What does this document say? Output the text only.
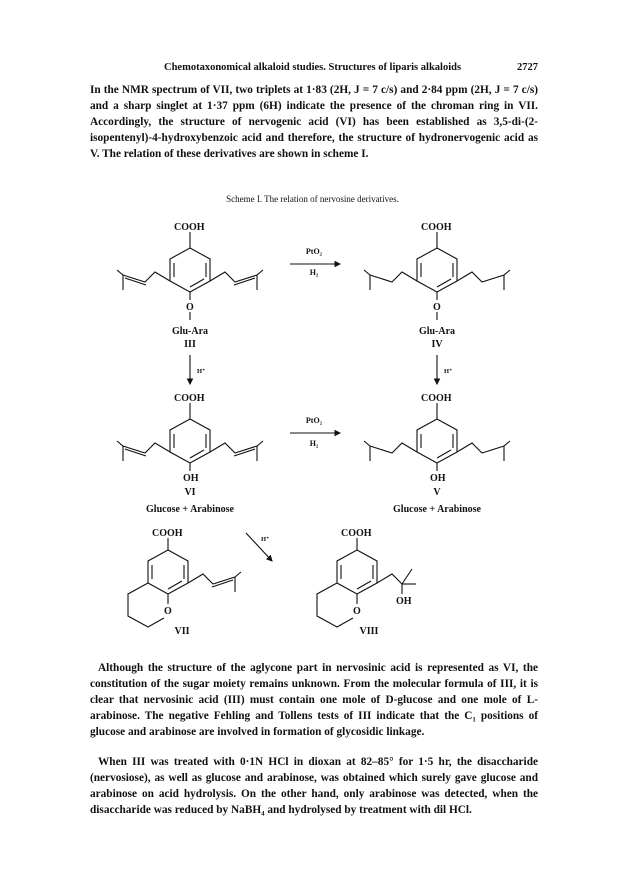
Chemotaxonomical alkaloid studies. Structures of liparis alkaloids	2727

In the NMR spectrum of VII, two triplets at 1·83 (2H, J = 7 c/s) and 2·84 ppm (2H, J = 7 c/s) and a sharp singlet at 1·37 ppm (6H) indicate the presence of the chroman ring in VII. Accordingly, the structure of nervogenic acid (VI) has been established as 3,5-di-(2-isopentenyl)-4-hydroxybenzoic acid and therefore, the structure of hydronervogenic acid as V. The relation of these derivatives are shown in scheme I.

Scheme I. The relation of nervosine derivatives.

COOH
O
Glu-Ara
III
COOH
O
Glu-Ara
IV
PtO₂
H₂
H⁺	H⁺
COOH
OH
VI
Glucose + Arabinose
COOH
OH
V
Glucose + Arabinose
PtO₂
H₂
H⁺
COOH
O
VII
COOH
O
OH
VIII

Although the structure of the aglycone part in nervosinic acid is represented as VI, the constitution of the sugar moiety remains unknown. From the molecular formula of III, it is clear that nervosinic acid (III) must contain one mole of D-glucose and one mole of L-arabinose. The negative Fehling and Tollens tests of III indicate that the C₁ positions of glucose and arabinose are involved in formation of glycosidic linkage.

When III was treated with 0·1N HCl in dioxan at 82–85° for 1·5 hr, the disaccharide (nervosiose), as well as glucose and arabinose, was obtained which surely gave glucose and arabinose on acid hydrolysis. On the other hand, only arabinose was detected, when the disaccharide was reduced by NaBH₄ and hydrolysed by treatment with dil HCl.
